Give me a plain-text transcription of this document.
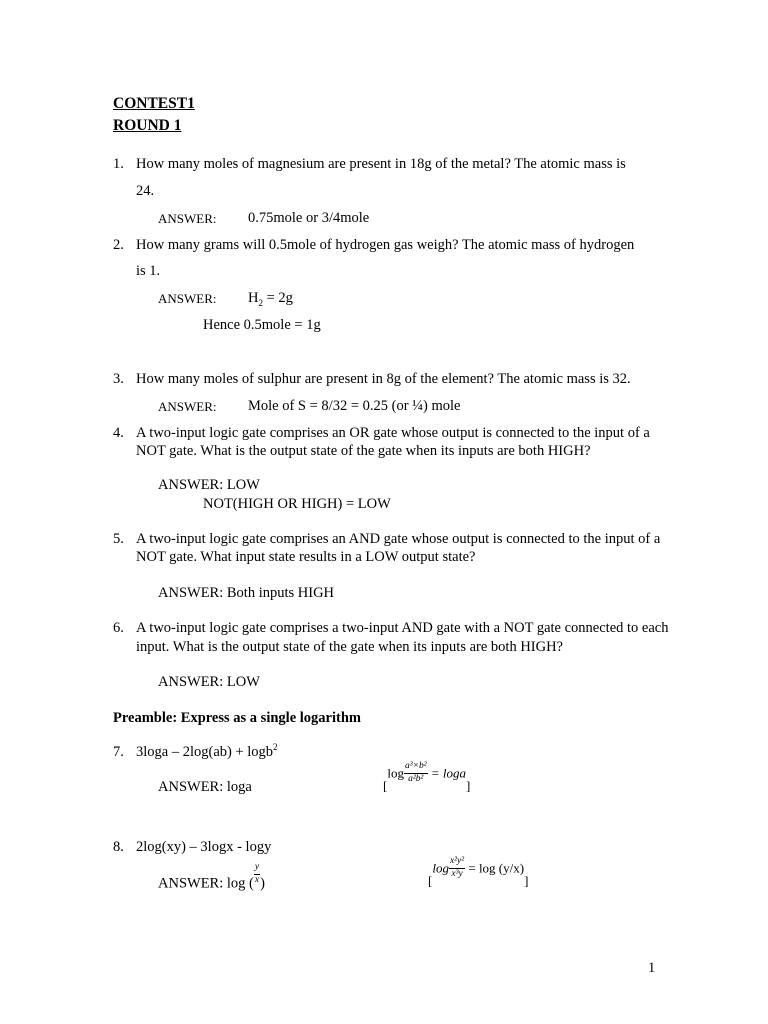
CONTEST1
ROUND 1
1. How many moles of magnesium are present in 18g of the metal? The atomic mass is
24.
ANSWER: 0.75mole or 3/4mole
2. How many grams will 0.5mole of hydrogen gas weigh? The atomic mass of hydrogen
is 1.
ANSWER: $H_2 = 2g$
Hence 0.5mole = 1g
3. How many moles of sulphur are present in 8g of the element? The atomic mass is 32.
ANSWER: Mole of S = 8/32 = 0.25 (or ¼) mole
4. A two-input logic gate comprises an OR gate whose output is connected to the input of a
NOT gate. What is the output state of the gate when its inputs are both HIGH?
ANSWER: LOW
NOT(HIGH OR HIGH) = LOW
5. A two-input logic gate comprises an AND gate whose output is connected to the input of a
NOT gate. What input state results in a LOW output state?
ANSWER: Both inputs HIGH
6. A two-input logic gate comprises a two-input AND gate with a NOT gate connected to each
input. What is the output state of the gate when its inputs are both HIGH?
ANSWER: LOW
Preamble: Express as a single logarithm
7. 3loga – 2log(ab) + logb$^2$
ANSWER: loga	$[\log \frac{\text{a³×b²}}{\text{a²b²}} = \log a]$
8. 2log(xy) – 3logx - logy
ANSWER: log ( $\frac{y}{x}$ )	$[\log \frac{\text{x²y²}}{\text{x³y}} = \log (y/x)]$
1
